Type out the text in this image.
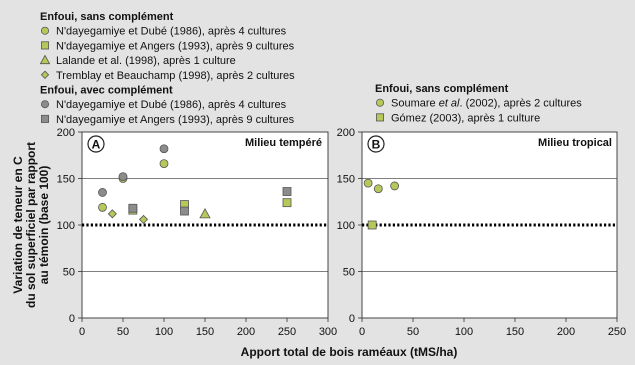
0
50
100
150
200
0	50 100 150 200 250 300
A	Milieu tempéré
Enfoui, sans complément
N'dayegamiye et Dubé (1986), après 4 cultures
N'dayegamiye et Angers (1993), après 9 cultures
Lalande et al. (1998), après 1 culture
Tremblay et Beauchamp (1998), après 2 cultures
Enfoui, avec complément
N'dayegamiye et Dubé (1986), après 4 cultures
N'dayegamiye et Angers (1993), après 9 cultures
Variation de teneur en Cdu sol superficiel par rapportau témoin (base 100)
0
50
100
150
200
0	50	100	150	200	250
B	Milieu tropical
Enfoui, sans complément
Soumare et al. (2002), après 2 cultures
Gómez (2003), après 1 culture
Apport total de bois raméaux (tMS/ha)
